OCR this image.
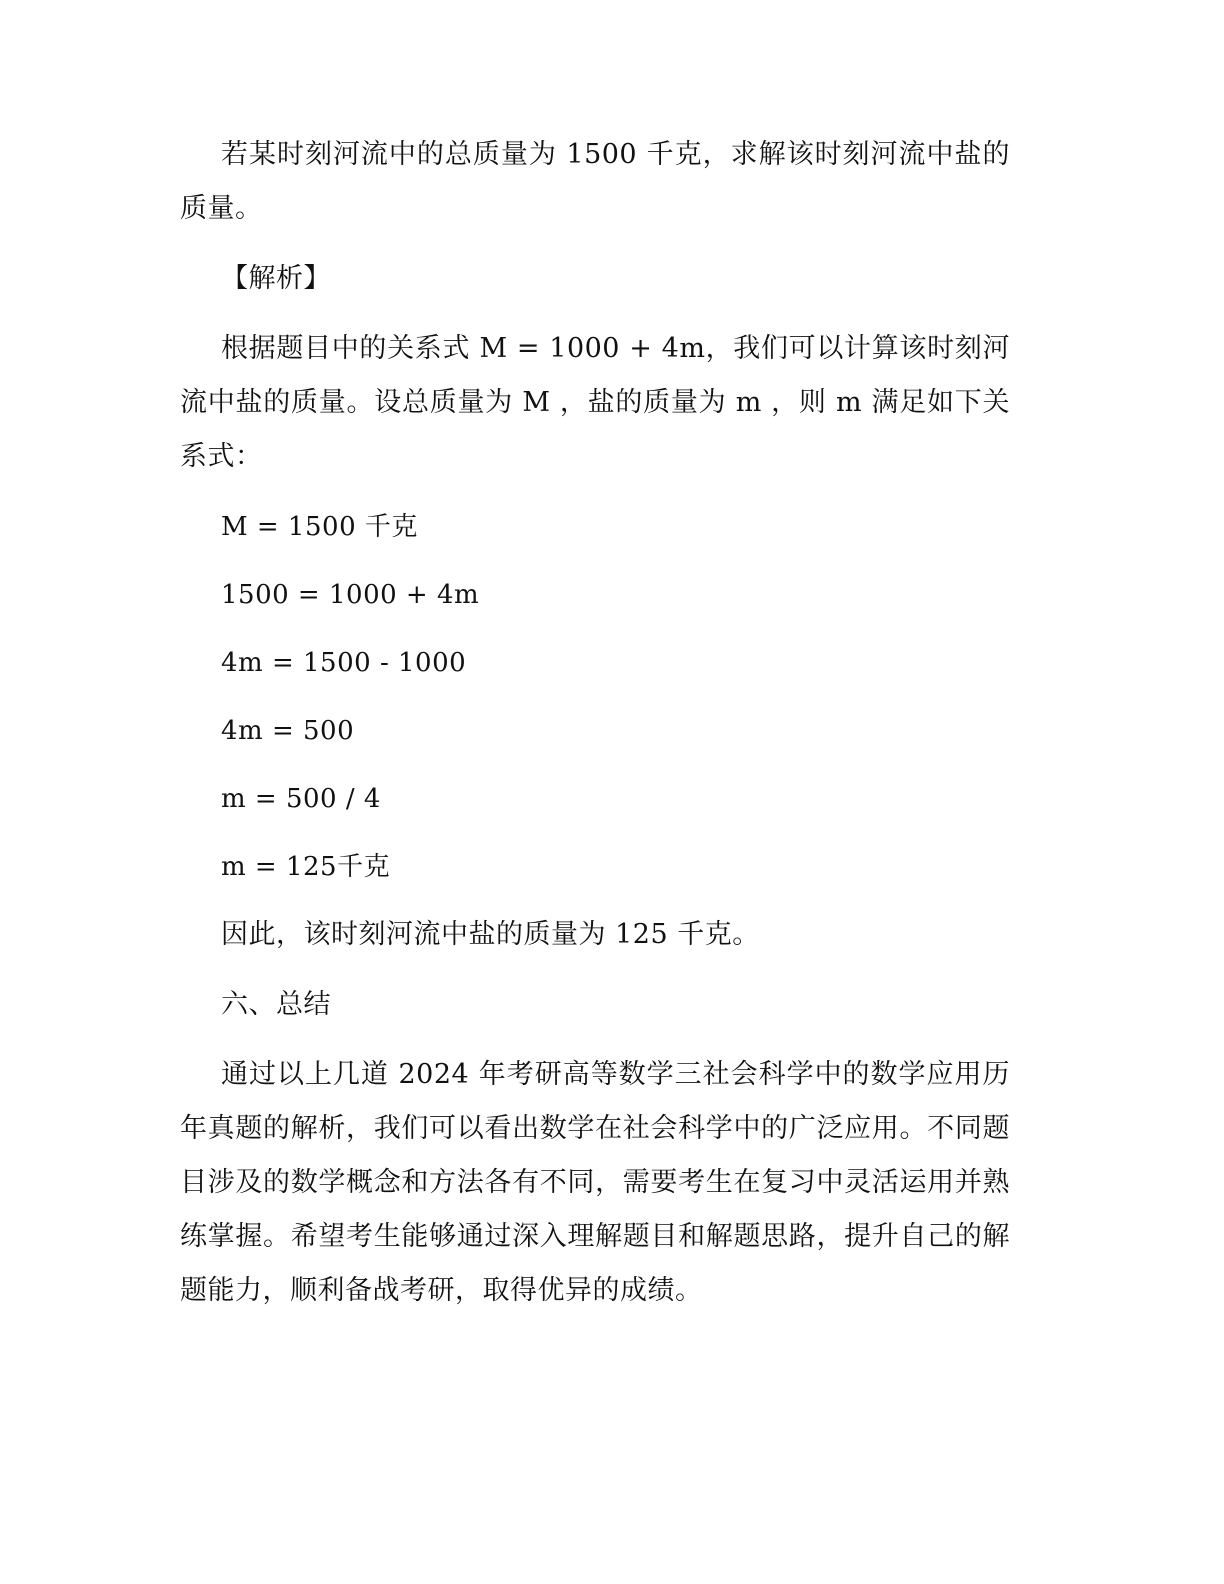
若某时刻河流中的总质量为 1500 千克，求解该时刻河流中盐的质量。

【解析】

根据题目中的关系式 M = 1000 + 4m，我们可以计算该时刻河流中盐的质量。设总质量为 M ，盐的质量为 m ，则 m 满足如下关系式：

M = 1500 千克
1500 = 1000 + 4m
4m = 1500 - 1000
4m = 500
m = 500 / 4
m = 125千克

因此，该时刻河流中盐的质量为 125 千克。

六、总结

通过以上几道 2024 年考研高等数学三社会科学中的数学应用历年真题的解析，我们可以看出数学在社会科学中的广泛应用。不同题目涉及的数学概念和方法各有不同，需要考生在复习中灵活运用并熟练掌握。希望考生能够通过深入理解题目和解题思路，提升自己的解题能力，顺利备战考研，取得优异的成绩。
